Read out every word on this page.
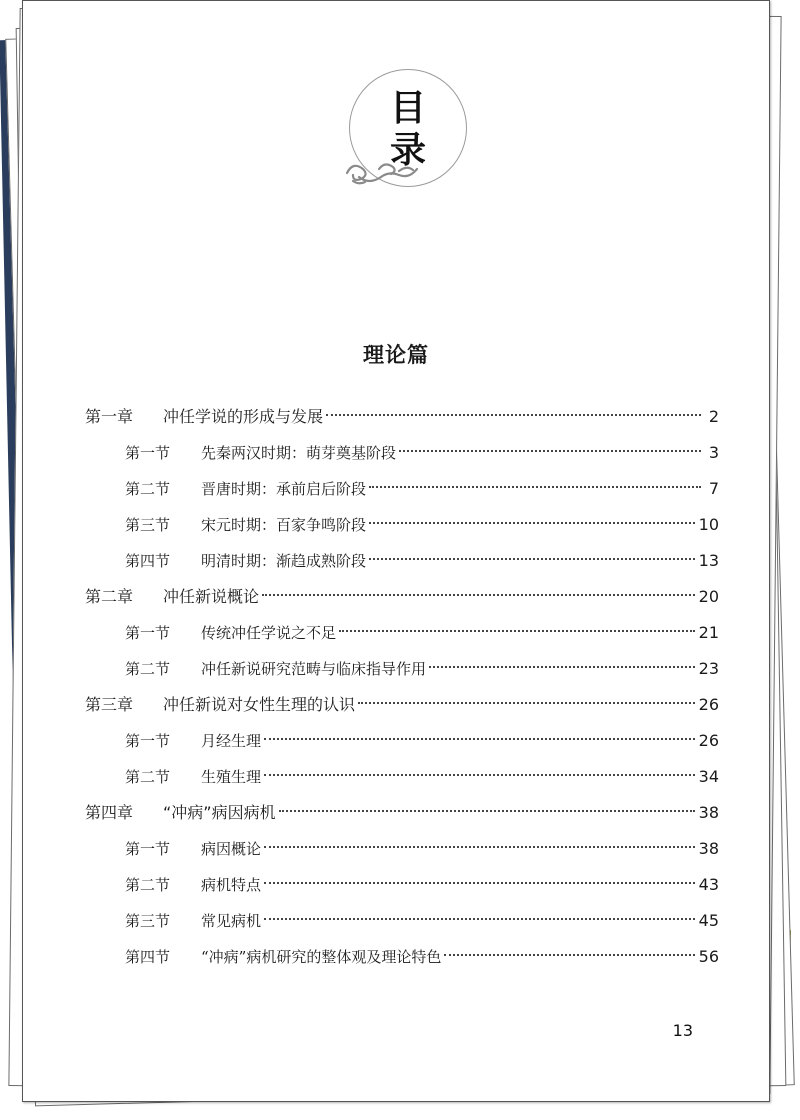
目
录
理论篇
第一章	冲任学说的形成与发展	2
第一节	先秦两汉时期：萌芽奠基阶段	3
第二节	晋唐时期：承前启后阶段	7
第三节	宋元时期：百家争鸣阶段	10
第四节	明清时期：渐趋成熟阶段	13
第二章	冲任新说概论	20
第一节	传统冲任学说之不足	21
第二节	冲任新说研究范畴与临床指导作用	23
第三章	冲任新说对女性生理的认识	26
第一节	月经生理	26
第二节	生殖生理	34
第四章	“冲病”病因病机	38
第一节	病因概论	38
第二节	病机特点	43
第三节	常见病机	45
第四节	“冲病”病机研究的整体观及理论特色	56
13
